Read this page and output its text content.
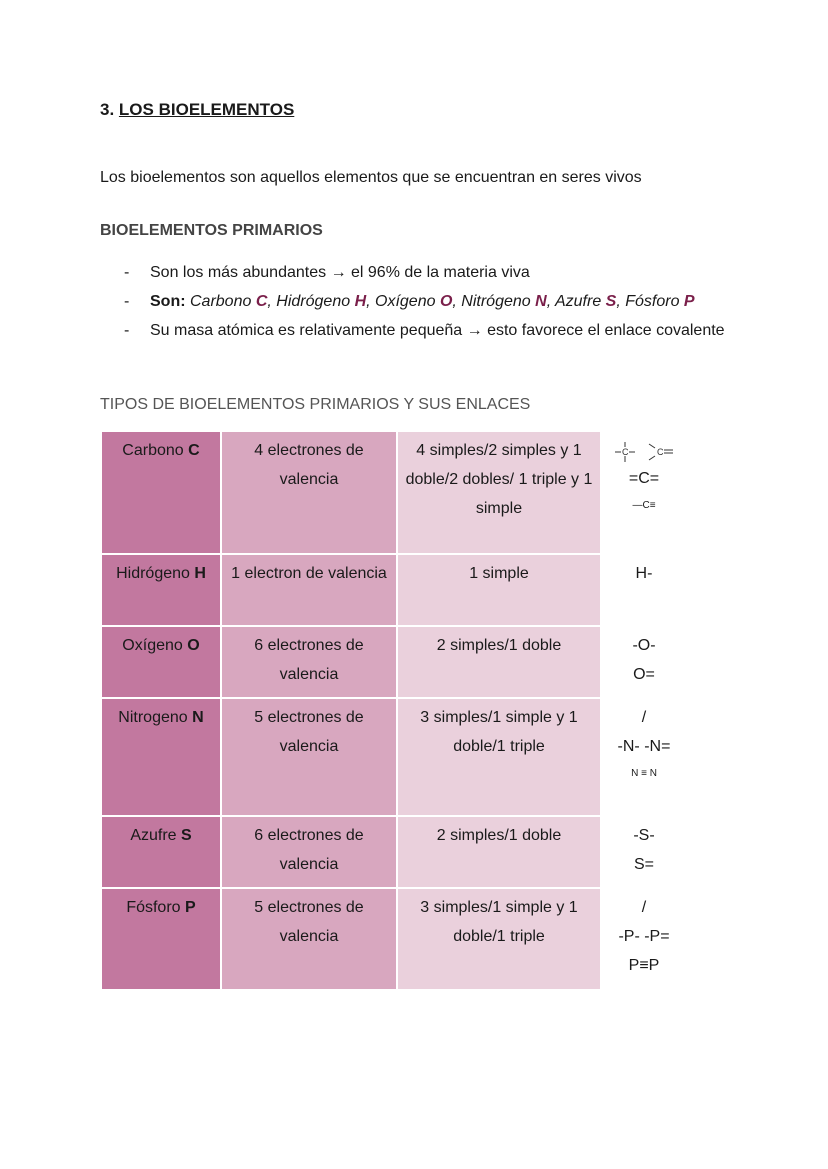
3. LOS BIOELEMENTOS
Los bioelementos son aquellos elementos que se encuentran en seres vivos
BIOELEMENTOS PRIMARIOS
- Son los más abundantes → el 96% de la materia viva
- Son: Carbono C, Hidrógeno H, Oxígeno O, Nitrógeno N, Azufre S, Fósforo P
- Su masa atómica es relativamente pequeña → esto favorece el enlace covalente
TIPOS DE BIOELEMENTOS PRIMARIOS Y SUS ENLACES
Carbono C	4 electrones de valencia	4 simples/2 simples y 1 doble/2 dobles/ 1 triple y 1 simple	C C
=C=
—C≡

Hidrógeno H	1 electron de valencia	1 simple	H-

Oxígeno O	6 electrones de valencia	2 simples/1 doble	-O-
O=

Nitrogeno N	5 electrones de valencia	3 simples/1 simple y 1 doble/1 triple	/
-N- -N=
N ≡ N

Azufre S	6 electrones de valencia	2 simples/1 doble	-S-
S=

Fósforo P	5 electrones de valencia	3 simples/1 simple y 1 doble/1 triple	/
-P- -P=
P≡P
